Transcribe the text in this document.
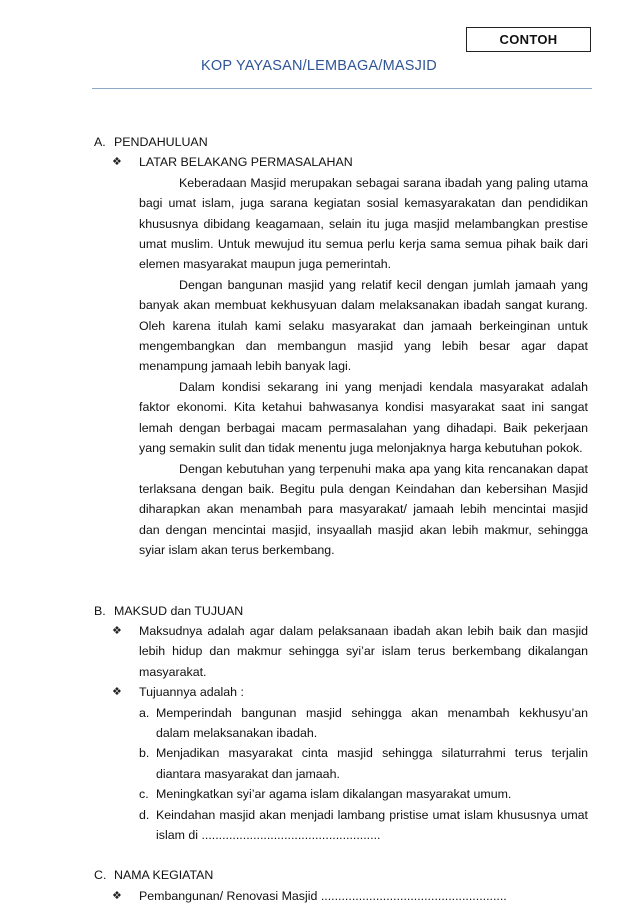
CONTOH
KOP YAYASAN/LEMBAGA/MASJID
A. PENDAHULUAN
❖ LATAR BELAKANG PERMASALAHAN

Keberadaan Masjid merupakan sebagai sarana ibadah yang paling utama bagi umat islam, juga sarana kegiatan sosial kemasyarakatan dan pendidikan khususnya dibidang keagamaan, selain itu juga masjid melambangkan prestise umat muslim. Untuk mewujud itu semua perlu kerja sama semua pihak baik dari elemen masyarakat maupun juga pemerintah.

Dengan bangunan masjid yang relatif kecil dengan jumlah jamaah yang banyak akan membuat kekhusyuan dalam melaksanakan ibadah sangat kurang. Oleh karena itulah kami selaku masyarakat dan jamaah berkeinginan untuk mengembangkan dan membangun masjid yang lebih besar agar dapat menampung jamaah lebih banyak lagi.

Dalam kondisi sekarang ini yang menjadi kendala masyarakat adalah faktor ekonomi. Kita ketahui bahwasanya kondisi masyarakat saat ini sangat lemah dengan berbagai macam permasalahan yang dihadapi. Baik pekerjaan yang semakin sulit dan tidak menentu juga melonjaknya harga kebutuhan pokok.

Dengan kebutuhan yang terpenuhi maka apa yang kita rencanakan dapat terlaksana dengan baik. Begitu pula dengan Keindahan dan kebersihan Masjid diharapkan akan menambah para masyarakat/ jamaah lebih mencintai masjid dan dengan mencintai masjid, insyaallah masjid akan lebih makmur, sehingga syiar islam akan terus berkembang.

B. MAKSUD dan TUJUAN
❖ Maksudnya adalah agar dalam pelaksanaan ibadah akan lebih baik dan masjid lebih hidup dan makmur sehingga syi’ar islam terus berkembang dikalangan masyarakat.
❖ Tujuannya adalah :
a. Memperindah bangunan masjid sehingga akan menambah kekhusyu’an dalam melaksanakan ibadah.
b. Menjadikan masyarakat cinta masjid sehingga silaturrahmi terus terjalin diantara masyarakat dan jamaah.
c. Meningkatkan syi’ar agama islam dikalangan masyarakat umum.
d. Keindahan masjid akan menjadi lambang pristise umat islam khususnya umat islam di ....................................................
C. NAMA KEGIATAN
❖ Pembangunan/ Renovasi Masjid ......................................................
